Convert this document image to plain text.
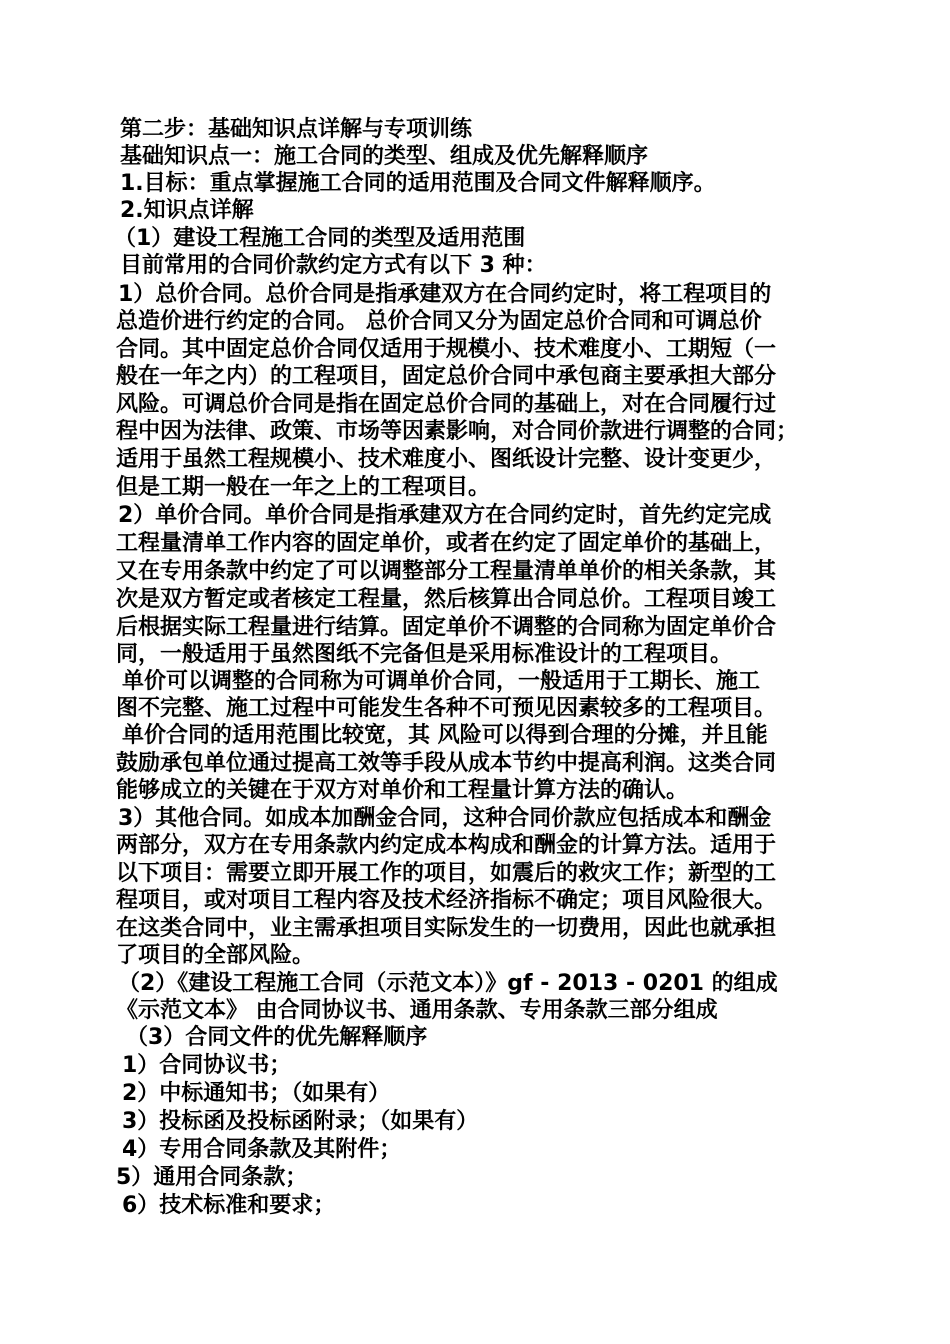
第二步：基础知识点详解与专项训练

基础知识点一：施工合同的类型、组成及优先解释顺序

1.目标：重点掌握施工合同的适用范围及合同文件解释顺序。

2.知识点详解

（1）建设工程施工合同的类型及适用范围

目前常用的合同价款约定方式有以下 3 种：

1）总价合同。总价合同是指承建双方在合同约定时，将工程项目的

总造价进行约定的合同。 总价合同又分为固定总价合同和可调总价

合同。其中固定总价合同仅适用于规模小、技术难度小、工期短（一

般在一年之内）的工程项目，固定总价合同中承包商主要承担大部分

风险。可调总价合同是指在固定总价合同的基础上，对在合同履行过

程中因为法律、政策、市场等因素影响，对合同价款进行调整的合同；

适用于虽然工程规模小、技术难度小、图纸设计完整、设计变更少，

但是工期一般在一年之上的工程项目。

2）单价合同。单价合同是指承建双方在合同约定时，首先约定完成

工程量清单工作内容的固定单价，或者在约定了固定单价的基础上，

又在专用条款中约定了可以调整部分工程量清单单价的相关条款，其

次是双方暂定或者核定工程量，然后核算出合同总价。工程项目竣工

后根据实际工程量进行结算。固定单价不调整的合同称为固定单价合

同，一般适用于虽然图纸不完备但是采用标准设计的工程项目。

单价可以调整的合同称为可调单价合同，一般适用于工期长、施工

图不完整、施工过程中可能发生各种不可预见因素较多的工程项目。

单价合同的适用范围比较宽，其 风险可以得到合理的分摊，并且能

鼓励承包单位通过提高工效等手段从成本节约中提高利润。这类合同

能够成立的关键在于双方对单价和工程量计算方法的确认。

3）其他合同。如成本加酬金合同，这种合同价款应包括成本和酬金

两部分，双方在专用条款内约定成本构成和酬金的计算方法。适用于

以下项目：需要立即开展工作的项目，如震后的救灾工作；新型的工

程项目，或对项目工程内容及技术经济指标不确定；项目风险很大。

在这类合同中，业主需承担项目实际发生的一切费用，因此也就承担

了项目的全部风险。

（2）《建设工程施工合同（示范文本）》gf - 2013 - 0201 的组成

《示范文本》 由合同协议书、通用条款、专用条款三部分组成

（3）合同文件的优先解释顺序

1）合同协议书；

2）中标通知书；（如果有）

3）投标函及投标函附录；（如果有）

4）专用合同条款及其附件；

5）通用合同条款；

6）技术标准和要求；
